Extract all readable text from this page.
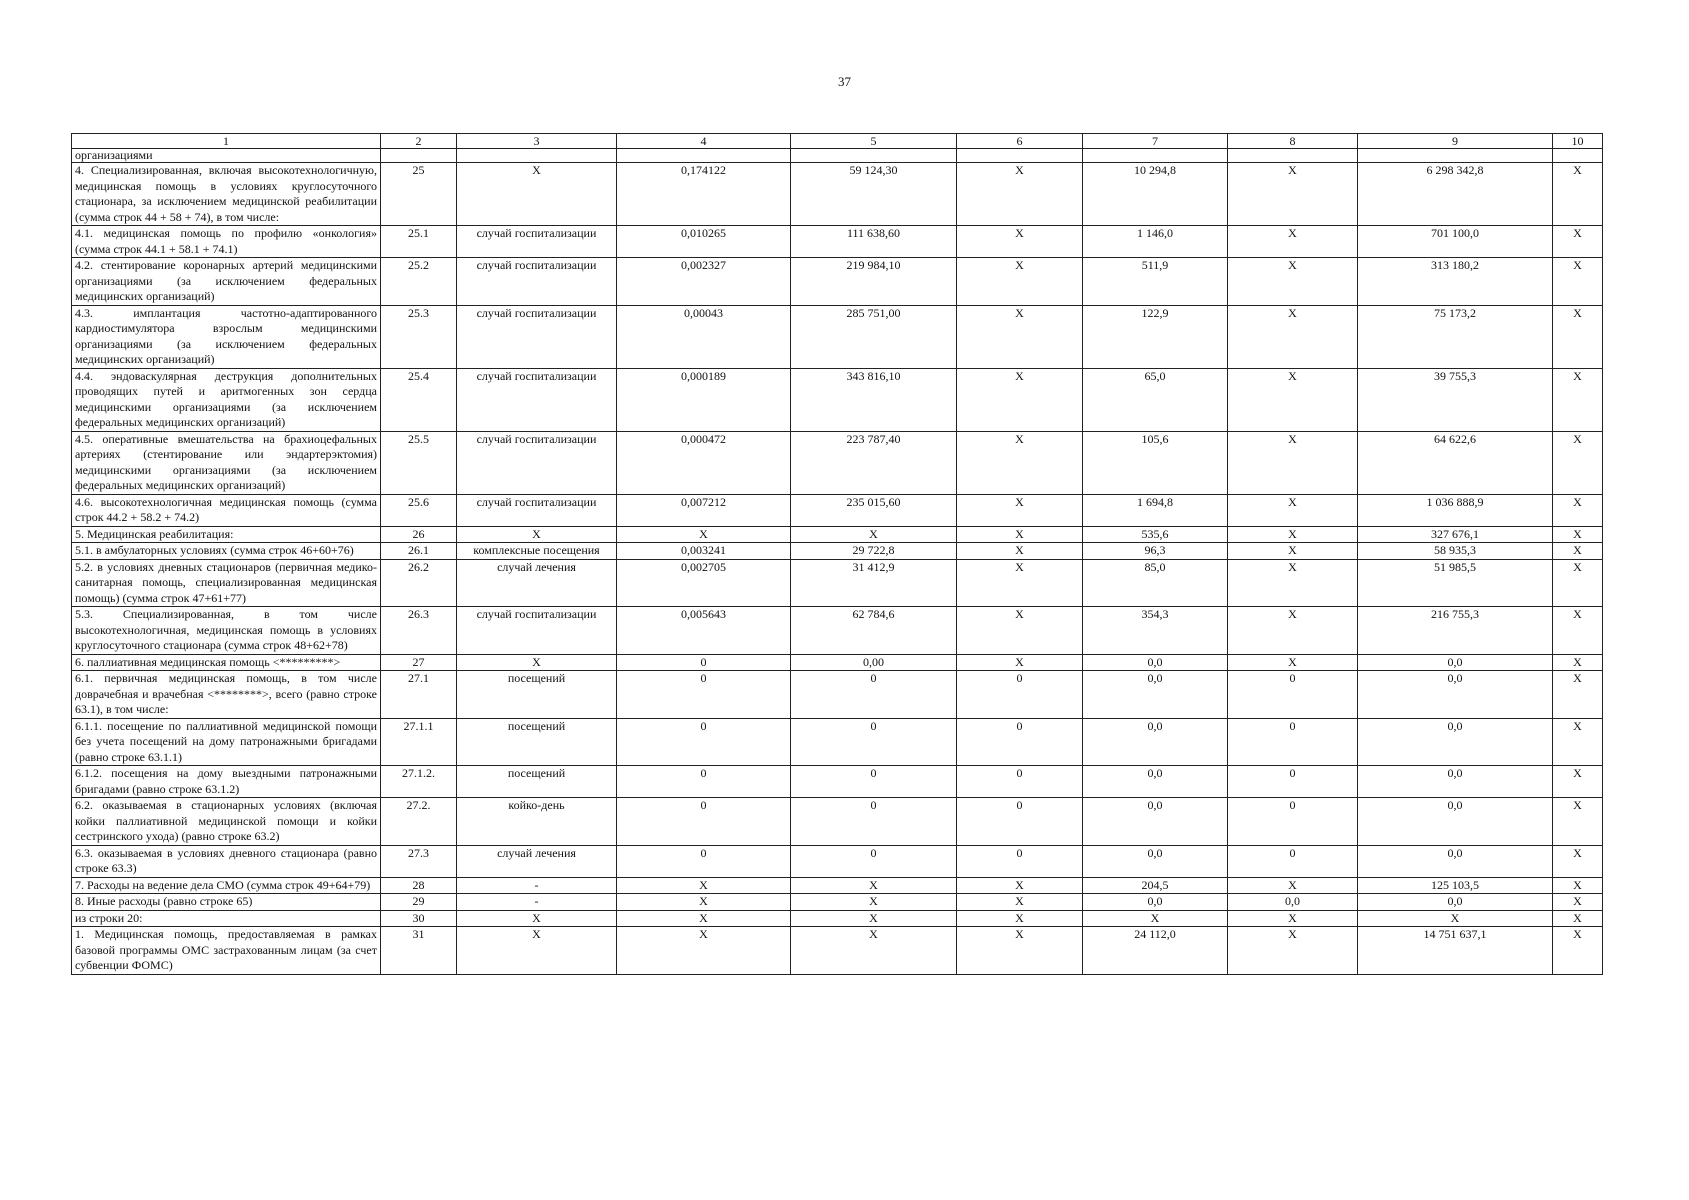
37
1	2	3	4	5	6	7	8	9	10
организациями									
4. Специализированная, включая высокотехнологичную, медицинская помощь в условиях круглосуточного стационара, за исключением медицинской реабилитации (сумма строк 44 + 58 + 74), в том числе:	25	Х	0,174122	59 124,30	Х	10 294,8	Х	6 298 342,8	Х
4.1. медицинская помощь по профилю «онкология» (сумма строк 44.1 + 58.1 + 74.1)	25.1	случай госпитализации	0,010265	111 638,60	Х	1 146,0	Х	701 100,0	Х
4.2. стентирование коронарных артерий медицинскими организациями (за исключением федеральных медицинских организаций)	25.2	случай госпитализации	0,002327	219 984,10	Х	511,9	Х	313 180,2	Х
4.3. имплантация частотно-адаптированного кардиостимулятора взрослым медицинскими организациями (за исключением федеральных медицинских организаций)	25.3	случай госпитализации	0,00043	285 751,00	Х	122,9	Х	75 173,2	Х
4.4. эндоваскулярная деструкция дополнительных проводящих путей и аритмогенных зон сердца медицинскими организациями (за исключением федеральных медицинских организаций)	25.4	случай госпитализации	0,000189	343 816,10	Х	65,0	Х	39 755,3	Х
4.5. оперативные вмешательства на брахиоцефальных артериях (стентирование или эндартерэктомия) медицинскими организациями (за исключением федеральных медицинских организаций)	25.5	случай госпитализации	0,000472	223 787,40	Х	105,6	Х	64 622,6	Х
4.6. высокотехнологичная медицинская помощь (сумма строк 44.2 + 58.2 + 74.2)	25.6	случай госпитализации	0,007212	235 015,60	Х	1 694,8	Х	1 036 888,9	Х
5. Медицинская реабилитация:	26	Х	Х	Х	Х	535,6	Х	327 676,1	Х
5.1. в амбулаторных условиях (сумма строк 46+60+76)	26.1	комплексные посещения	0,003241	29 722,8	Х	96,3	Х	58 935,3	Х
5.2. в условиях дневных стационаров (первичная медико-санитарная помощь, специализированная медицинская помощь) (сумма строк 47+61+77)	26.2	случай лечения	0,002705	31 412,9	Х	85,0	Х	51 985,5	Х
5.3. Специализированная, в том числе высокотехнологичная, медицинская помощь в условиях круглосуточного стационара (сумма строк 48+62+78)	26.3	случай госпитализации	0,005643	62 784,6	Х	354,3	Х	216 755,3	Х
6. паллиативная медицинская помощь <*********>	27	Х	0	0,00	Х	0,0	Х	0,0	Х
6.1. первичная медицинская помощь, в том числе доврачебная и врачебная <********>, всего (равно строке 63.1), в том числе:	27.1	посещений	0	0	0	0,0	0	0,0	Х
6.1.1. посещение по паллиативной медицинской помощи без учета посещений на дому патронажными бригадами (равно строке 63.1.1)	27.1.1	посещений	0	0	0	0,0	0	0,0	Х
6.1.2. посещения на дому выездными патронажными бригадами (равно строке 63.1.2)	27.1.2.	посещений	0	0	0	0,0	0	0,0	Х
6.2. оказываемая в стационарных условиях (включая койки паллиативной медицинской помощи и койки сестринского ухода) (равно строке 63.2)	27.2.	койко-день	0	0	0	0,0	0	0,0	Х
6.3. оказываемая в условиях дневного стационара (равно строке 63.3)	27.3	случай лечения	0	0	0	0,0	0	0,0	Х
7. Расходы на ведение дела СМО (сумма строк 49+64+79)	28	-	Х	Х	Х	204,5	Х	125 103,5	Х
8. Иные расходы (равно строке 65)	29	-	Х	Х	Х	0,0	0,0	0,0	Х
из строки 20:	30	Х	Х	Х	Х	Х	Х	Х	Х
1. Медицинская помощь, предоставляемая в рамках базовой программы ОМС застрахованным лицам (за счет субвенции ФОМС)	31	Х	Х	Х	Х	24 112,0	Х	14 751 637,1	Х
